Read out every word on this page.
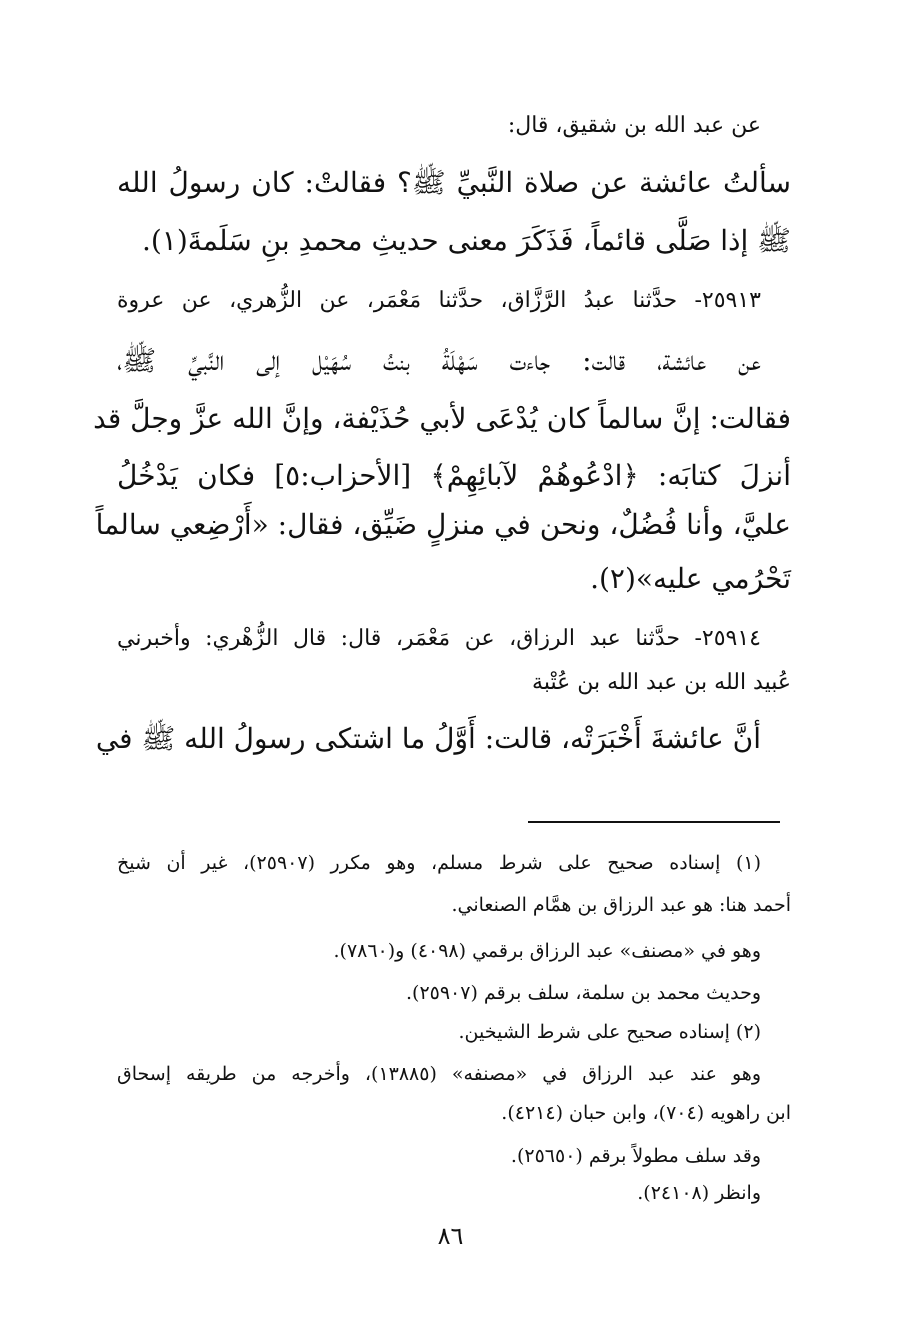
عن عبد الله بن شقيق، قال:
سألتُ عائشة عن صلاة النَّبيِّ ﷺ؟ فقالتْ: كان رسولُ الله
ﷺ إذا صَلَّى قائماً، فَذَكَرَ معنى حديثِ محمدِ بنِ سَلَمةَ(١).
٢٥٩١٣- حدَّثنا عبدُ الرَّزَّاق، حدَّثنا مَعْمَر، عن الزُّهري، عن عروة
عن عائشة، قالت: جاءت سَهْلَةُ بنتُ سُهَيْل إلى النَّبيِّ ﷺ،
فقالت: إنَّ سالماً كان يُدْعَى لأبي حُذَيْفة، وإنَّ الله عزَّ وجلَّ قد
أنزلَ كتابَه: ﴿ادْعُوهُمْ لآبائِهِمْ﴾ [الأحزاب:٥] فكان يَدْخُلُ
عليَّ، وأنا فُضُلٌ، ونحن في منزلٍ ضَيِّق، فقال: «أَرْضِعي سالماً
تَحْرُمي عليه»(٢).
٢٥٩١٤- حدَّثنا عبد الرزاق، عن مَعْمَر، قال: قال الزُّهْري: وأخبرني
عُبيد الله بن عبد الله بن عُتْبة
أنَّ عائشةَ أَخْبَرَتْه، قالت: أَوَّلُ ما اشتكى رسولُ الله ﷺ في
(١) إسناده صحيح على شرط مسلم، وهو مكرر (٢٥٩٠٧)، غير أن شيخ
أحمد هنا: هو عبد الرزاق بن همَّام الصنعاني.
وهو في «مصنف» عبد الرزاق برقمي (٤٠٩٨) و(٧٨٦٠).
وحديث محمد بن سلمة، سلف برقم (٢٥٩٠٧).
(٢) إسناده صحيح على شرط الشيخين.
وهو عند عبد الرزاق في «مصنفه» (١٣٨٨٥)، وأخرجه من طريقه إسحاق
ابن راهويه (٧٠٤)، وابن حبان (٤٢١٤).
وقد سلف مطولاً برقم (٢٥٦٥٠).
وانظر (٢٤١٠٨).
٨٦
